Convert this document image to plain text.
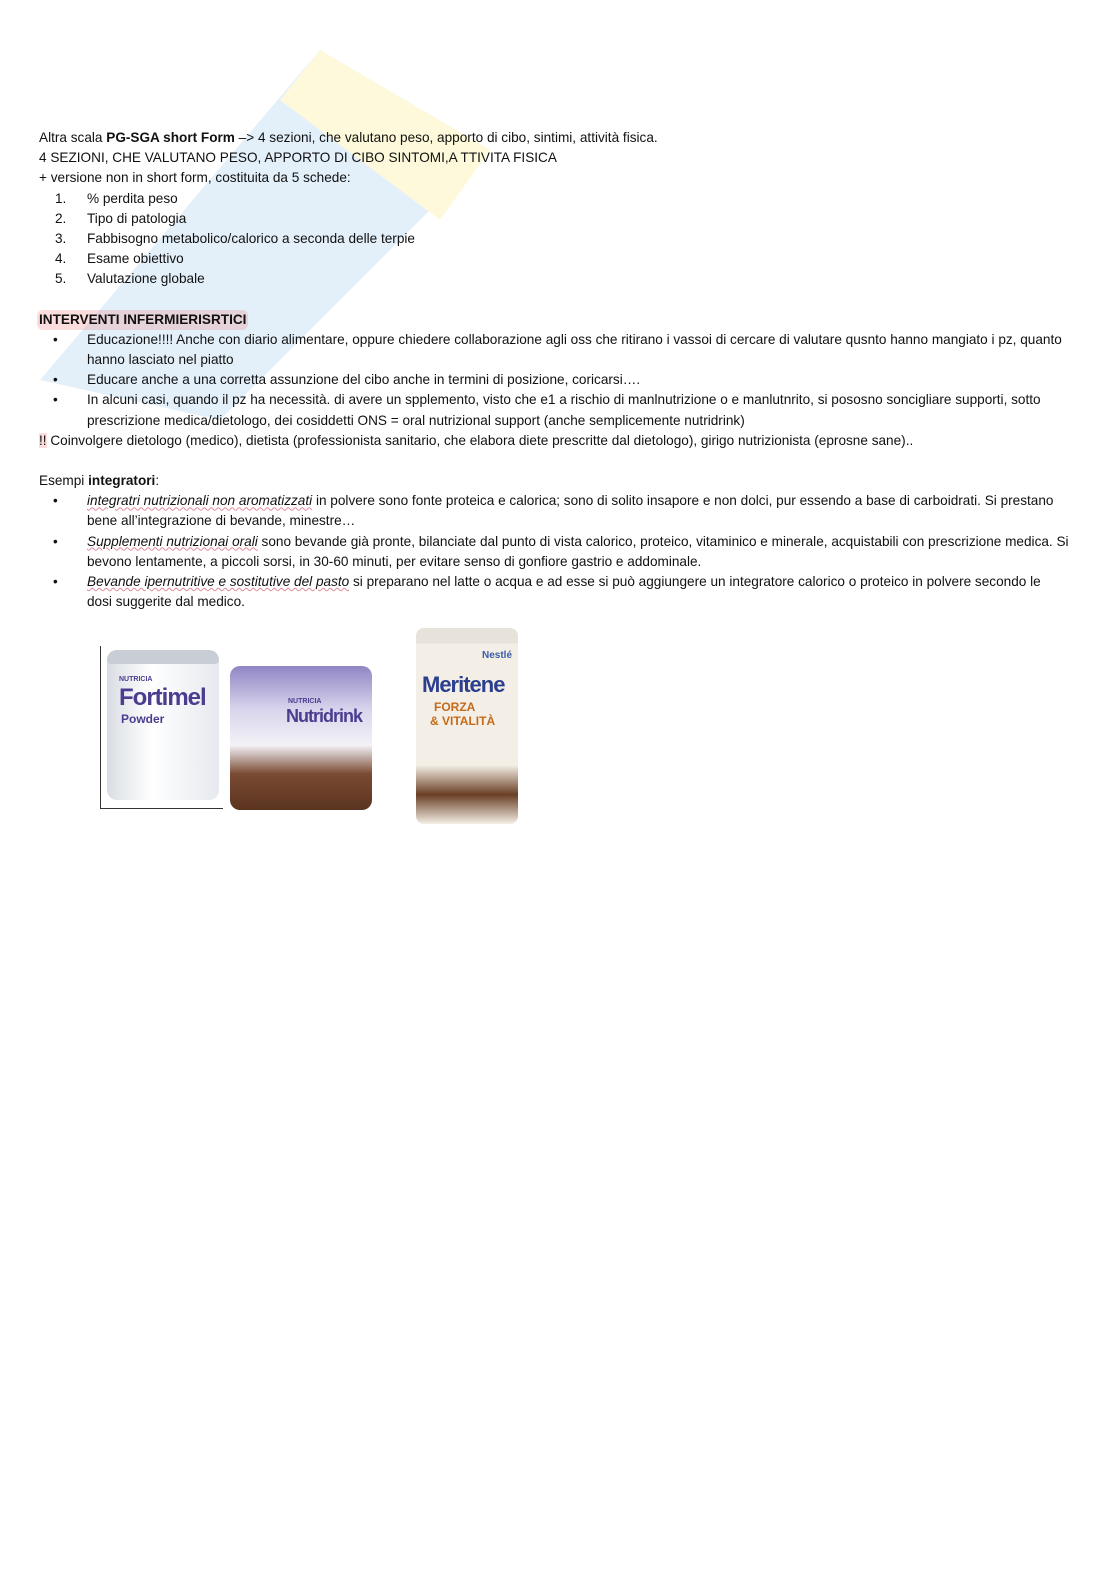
Altra scala PG-SGA short Form –> 4 sezioni, che valutano peso, apporto di cibo, sintimi, attività fisica.
4 SEZIONI, CHE VALUTANO PESO, APPORTO DI CIBO SINTOMI,A TTIVITA FISICA
+ versione non in short form, costituita da 5 schede:
1.	% perdita peso
2.	Tipo di patologia
3.	Fabbisogno metabolico/calorico a seconda delle terpie
4.	Esame obiettivo
5.	Valutazione globale
INTERVENTI INFERMIERISRTICI
•	Educazione!!!! Anche con diario alimentare, oppure chiedere collaborazione agli oss che ritirano i vassoi di cercare di valutare qusnto hanno mangiato i pz, quanto hanno lasciato nel piatto
•	Educare anche a una corretta assunzione del cibo anche in termini di posizione, coricarsi….
•	In alcuni casi, quando il pz ha necessità. di avere un spplemento, visto che e1 a rischio di manlnutrizione o e manlutnrito, si pososno soncigliare supporti, sotto prescrizione medica/dietologo, dei cosiddetti ONS = oral nutrizional support (anche semplicemente nutridrink)
!! Coinvolgere dietologo (medico), dietista (professionista sanitario, che elabora diete prescritte dal dietologo), girigo nutrizionista (eprosne sane)..
Esempi integratori:
•	integratri nutrizionali non aromatizzati in polvere sono fonte proteica e calorica; sono di solito insapore e non dolci, pur essendo a base di carboidrati. Si prestano bene all’integrazione di bevande, minestre…
•	Supplementi nutrizionai orali sono bevande già pronte, bilanciate dal punto di vista calorico, proteico, vitaminico e minerale, acquistabili con prescrizione medica. Si bevono lentamente, a piccoli sorsi, in 30-60 minuti, per evitare senso di gonfiore gastrio e addominale.
•	Bevande ipernutritive e sostitutive del pasto si preparano nel latte o acqua e ad esse si può aggiungere un integratore calorico o proteico in polvere secondo le dosi suggerite dal medico.
NUTRICIA
Fortimel
Powder
NUTRICIA
Nutridrink
Nestlé
Meritene
FORZA
& VITALITÀ
